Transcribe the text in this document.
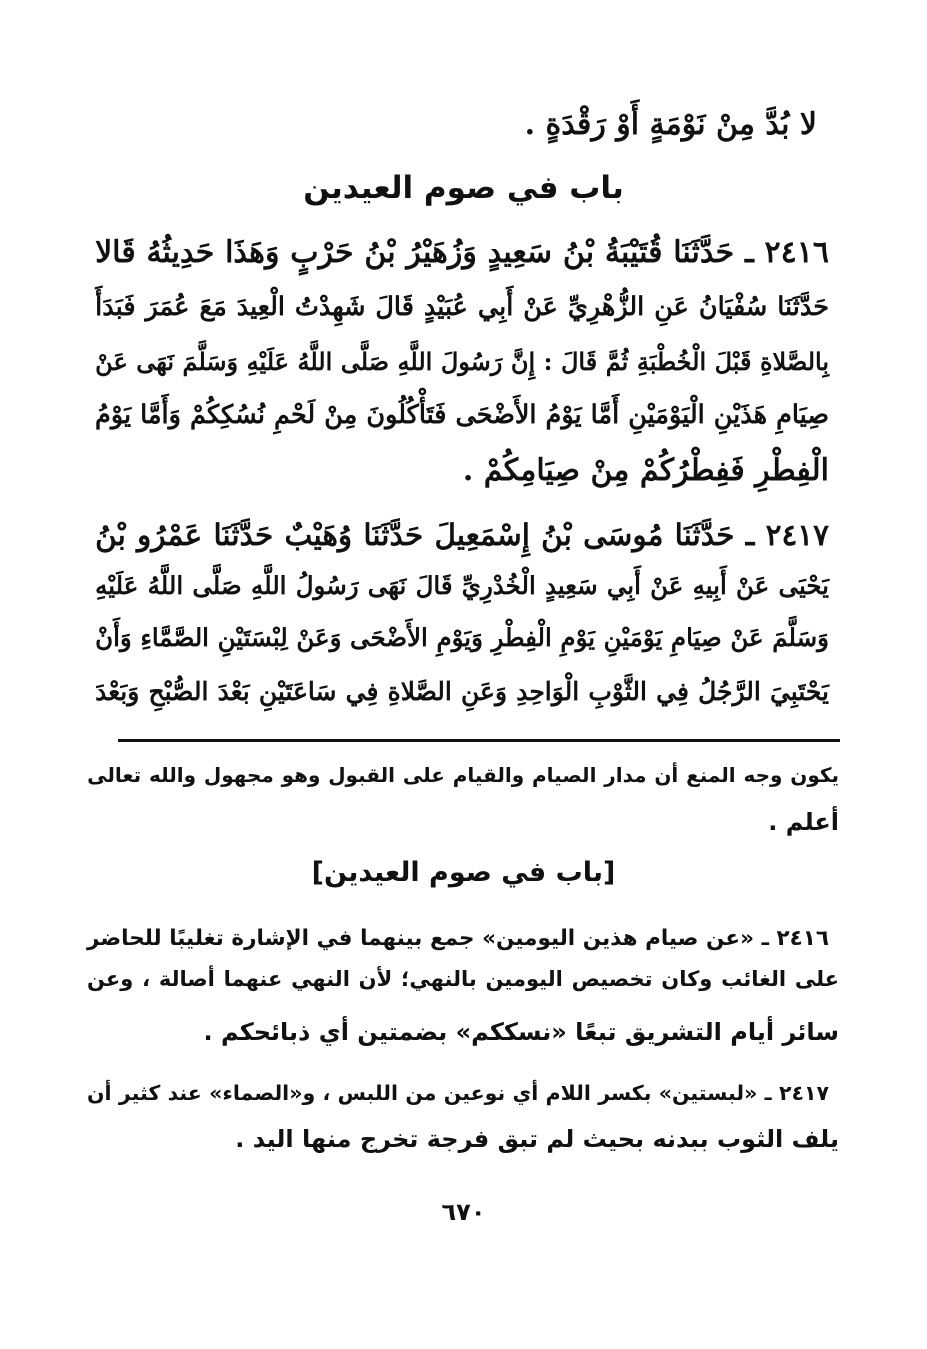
لا بُدَّ مِنْ نَوْمَةٍ أَوْ رَقْدَةٍ .
باب في صوم العيدين
٢٤١٦
ـ
حَدَّثَنَا
قُتَيْبَةُ
بْنُ
سَعِيدٍ
وَزُهَيْرُ
بْنُ
حَرْبٍ
وَهَذَا
حَدِيثُهُ
قَالا
حَدَّثَنَا
سُفْيَانُ
عَنِ
الزُّهْرِيِّ
عَنْ
أَبِي
عُبَيْدٍ
قَالَ
شَهِدْتُ
الْعِيدَ
مَعَ
عُمَرَ
فَبَدَأَ
بِالصَّلاةِ
قَبْلَ
الْخُطْبَةِ
ثُمَّ
قَالَ
:
إِنَّ
رَسُولَ
اللَّهِ
صَلَّى
اللَّهُ
عَلَيْهِ
وَسَلَّمَ
نَهَى
عَنْ
صِيَامِ
هَذَيْنِ
الْيَوْمَيْنِ
أَمَّا
يَوْمُ
الأَضْحَى
فَتَأْكُلُونَ
مِنْ
لَحْمِ
نُسُكِكُمْ
وَأَمَّا
يَوْمُ
الْفِطْرِ فَفِطْرُكُمْ مِنْ صِيَامِكُمْ .
٢٤١٧
ـ
حَدَّثَنَا
مُوسَى
بْنُ
إِسْمَعِيلَ
حَدَّثَنَا
وُهَيْبٌ
حَدَّثَنَا
عَمْرُو
بْنُ
يَحْيَى
عَنْ
أَبِيهِ
عَنْ
أَبِي
سَعِيدٍ
الْخُدْرِيِّ
قَالَ
نَهَى
رَسُولُ
اللَّهِ
صَلَّى
اللَّهُ
عَلَيْهِ
وَسَلَّمَ
عَنْ
صِيَامِ
يَوْمَيْنِ
يَوْمِ
الْفِطْرِ
وَيَوْمِ
الأَضْحَى
وَعَنْ
لِبْسَتَيْنِ
الصَّمَّاءِ
وَأَنْ
يَحْتَبِيَ
الرَّجُلُ
فِي
الثَّوْبِ
الْوَاحِدِ
وَعَنِ
الصَّلاةِ
فِي
سَاعَتَيْنِ
بَعْدَ
الصُّبْحِ
وَبَعْدَ
يكون
وجه
المنع
أن
مدار
الصيام
والقيام
على
القبول
وهو
مجهول
والله
تعالى
أعلم .
[باب في صوم العيدين]
٢٤١٦
ـ
«عن
صيام
هذين
اليومين»
جمع
بينهما
في
الإشارة
تغليبًا
للحاضر
على
الغائب
وكان
تخصيص
اليومين
بالنهي؛
لأن
النهي
عنهما
أصالة
،
وعن
سائر أيام التشريق تبعًا «نسككم» بضمتين أي ذبائحكم .
٢٤١٧
ـ
«لبستين»
بكسر
اللام
أي
نوعين
من
اللبس
،
و«الصماء»
عند
كثير
أن
يلف الثوب ببدنه بحيث لم تبق فرجة تخرج منها اليد .
٦٧٠
